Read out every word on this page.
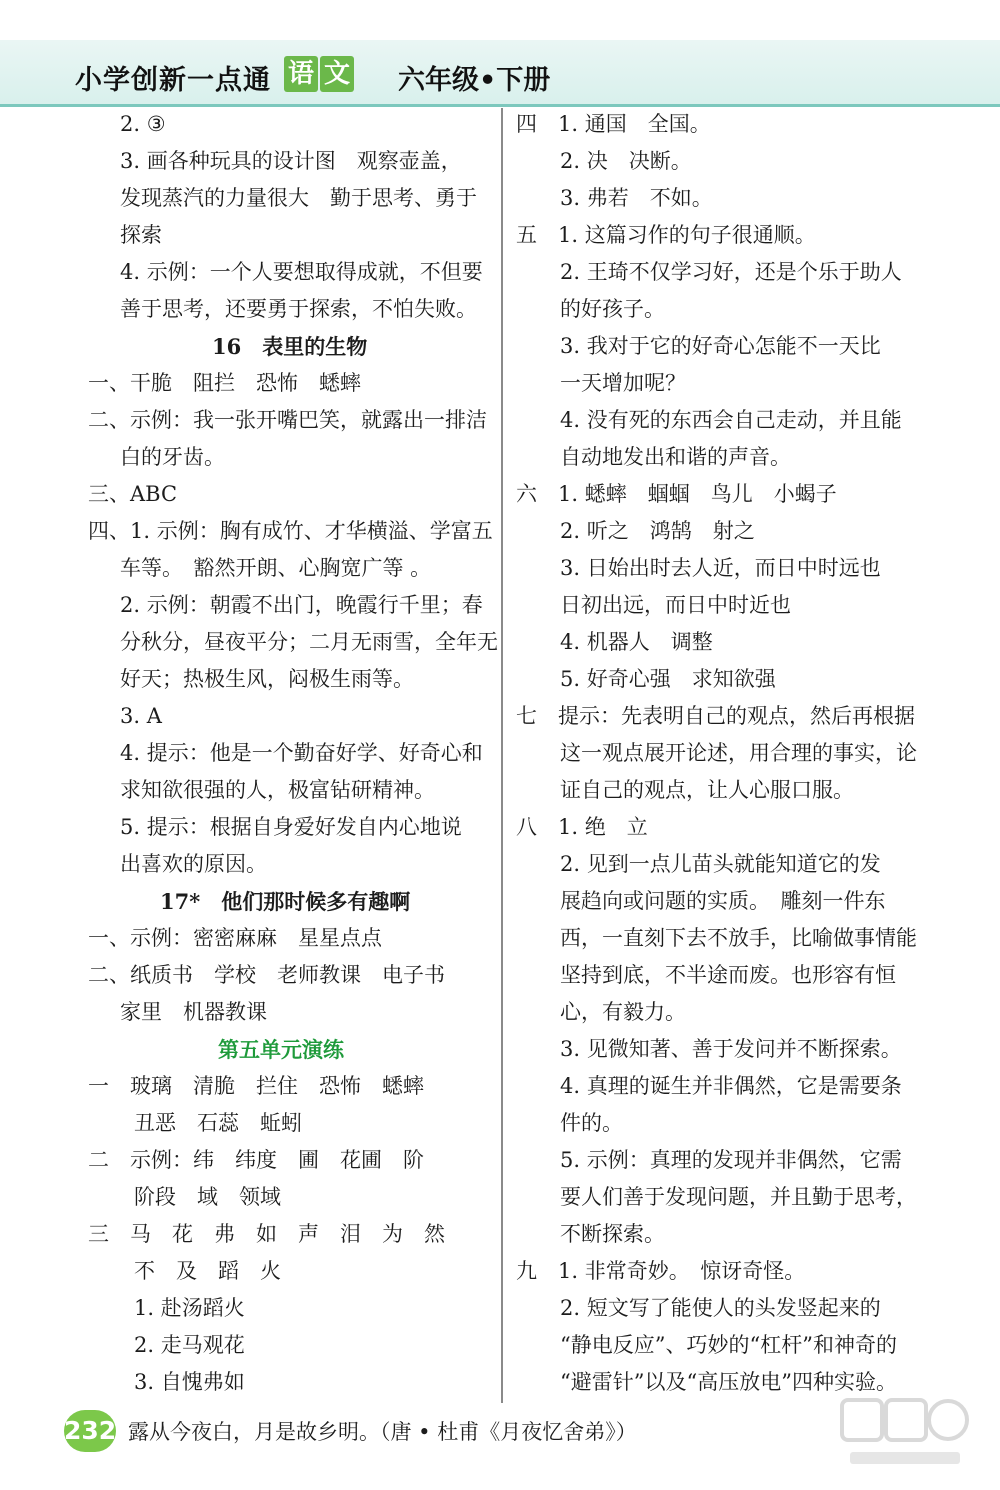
小学创新一点通 语 文 六年级•下册
2. ③
3. 画各种玩具的设计图　观察壶盖，
发现蒸汽的力量很大　勤于思考、勇于
探索
4. 示例：一个人要想取得成就，不但要
善于思考，还要勇于探索，不怕失败。
16　表里的生物
一、干脆　阻拦　恐怖　蟋蟀
二、示例：我一张开嘴巴笑，就露出一排洁
白的牙齿。
三、ABC
四、1. 示例：胸有成竹、才华横溢、学富五
车等。　豁然开朗、心胸宽广等 。
2. 示例：朝霞不出门，晚霞行千里；春
分秋分，昼夜平分；二月无雨雪，全年无
好天；热极生风，闷极生雨等。
3. A
4. 提示：他是一个勤奋好学、好奇心和
求知欲很强的人，极富钻研精神。
5. 提示：根据自身爱好发自内心地说
出喜欢的原因。
17*　他们那时候多有趣啊
一、示例：密密麻麻　星星点点
二、纸质书　学校　老师教课　电子书
家里　机器教课
第五单元演练
一　玻璃　清脆　拦住　恐怖　蟋蟀
丑恶　石蕊　蚯蚓
二　示例：纬　纬度　圃　花圃　阶
阶段　域　领域
三　马　花　弗　如　声　泪　为　然
不　及　蹈　火
1. 赴汤蹈火
2. 走马观花
3. 自愧弗如
四　1. 通国　全国。
2. 决　决断。
3. 弗若　不如。
五　1. 这篇习作的句子很通顺。
2. 王琦不仅学习好，还是个乐于助人
的好孩子。
3. 我对于它的好奇心怎能不一天比
一天增加呢？
4. 没有死的东西会自己走动，并且能
自动地发出和谐的声音。
六　1. 蟋蟀　蝈蝈　鸟儿　小蝎子
2. 听之　鸿鹄　射之
3. 日始出时去人近，而日中时远也
日初出远，而日中时近也
4. 机器人　调整
5. 好奇心强　求知欲强
七　提示：先表明自己的观点，然后再根据
这一观点展开论述，用合理的事实，论
证自己的观点，让人心服口服。
八　1. 绝　立
2. 见到一点儿苗头就能知道它的发
展趋向或问题的实质。　雕刻一件东
西，一直刻下去不放手，比喻做事情能
坚持到底，不半途而废。也形容有恒
心，有毅力。
3. 见微知著、善于发问并不断探索。
4. 真理的诞生并非偶然，它是需要条
件的。
5. 示例：真理的发现并非偶然，它需
要人们善于发现问题，并且勤于思考，
不断探索。
九　1. 非常奇妙。　惊讶奇怪。
2. 短文写了能使人的头发竖起来的
“静电反应”、巧妙的“杠杆”和神奇的
“避雷针”以及“高压放电”四种实验。
232 露从今夜白，月是故乡明。（唐 • 杜甫《月夜忆舍弟》）
